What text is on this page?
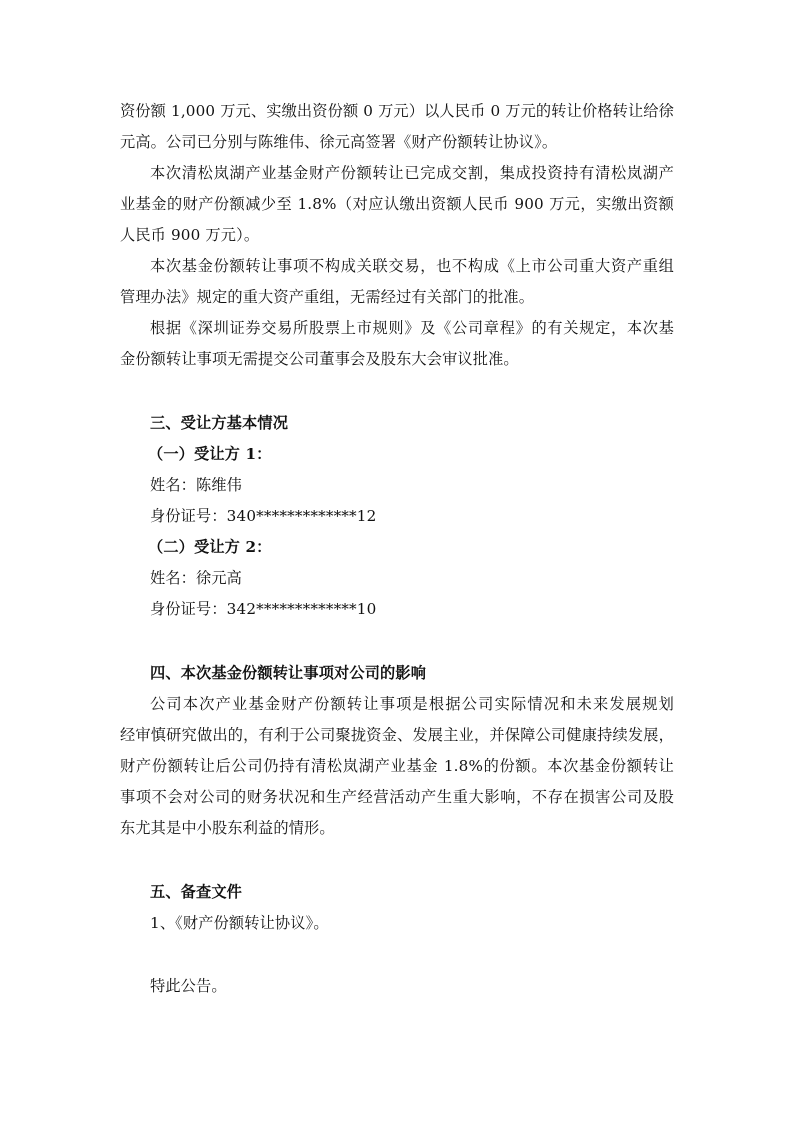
资份额 1,000 万元、实缴出资份额 0 万元）以人民币 0 万元的转让价格转让给徐
元高。公司已分别与陈维伟、徐元高签署《财产份额转让协议》。
本次清松岚湖产业基金财产份额转让已完成交割，集成投资持有清松岚湖产
业基金的财产份额减少至 1.8%（对应认缴出资额人民币 900 万元，实缴出资额
人民币 900 万元）。
本次基金份额转让事项不构成关联交易，也不构成《上市公司重大资产重组
管理办法》规定的重大资产重组，无需经过有关部门的批准。
根据《深圳证券交易所股票上市规则》及《公司章程》的有关规定，本次基
金份额转让事项无需提交公司董事会及股东大会审议批准。
三、受让方基本情况
（一）受让方 1：
姓名：陈维伟
身份证号：340*************12
（二）受让方 2：
姓名：徐元高
身份证号：342*************10
四、本次基金份额转让事项对公司的影响
公司本次产业基金财产份额转让事项是根据公司实际情况和未来发展规划
经审慎研究做出的，有利于公司聚拢资金、发展主业，并保障公司健康持续发展，
财产份额转让后公司仍持有清松岚湖产业基金 1.8%的份额。本次基金份额转让
事项不会对公司的财务状况和生产经营活动产生重大影响，不存在损害公司及股
东尤其是中小股东利益的情形。
五、备查文件
1、《财产份额转让协议》。
特此公告。
